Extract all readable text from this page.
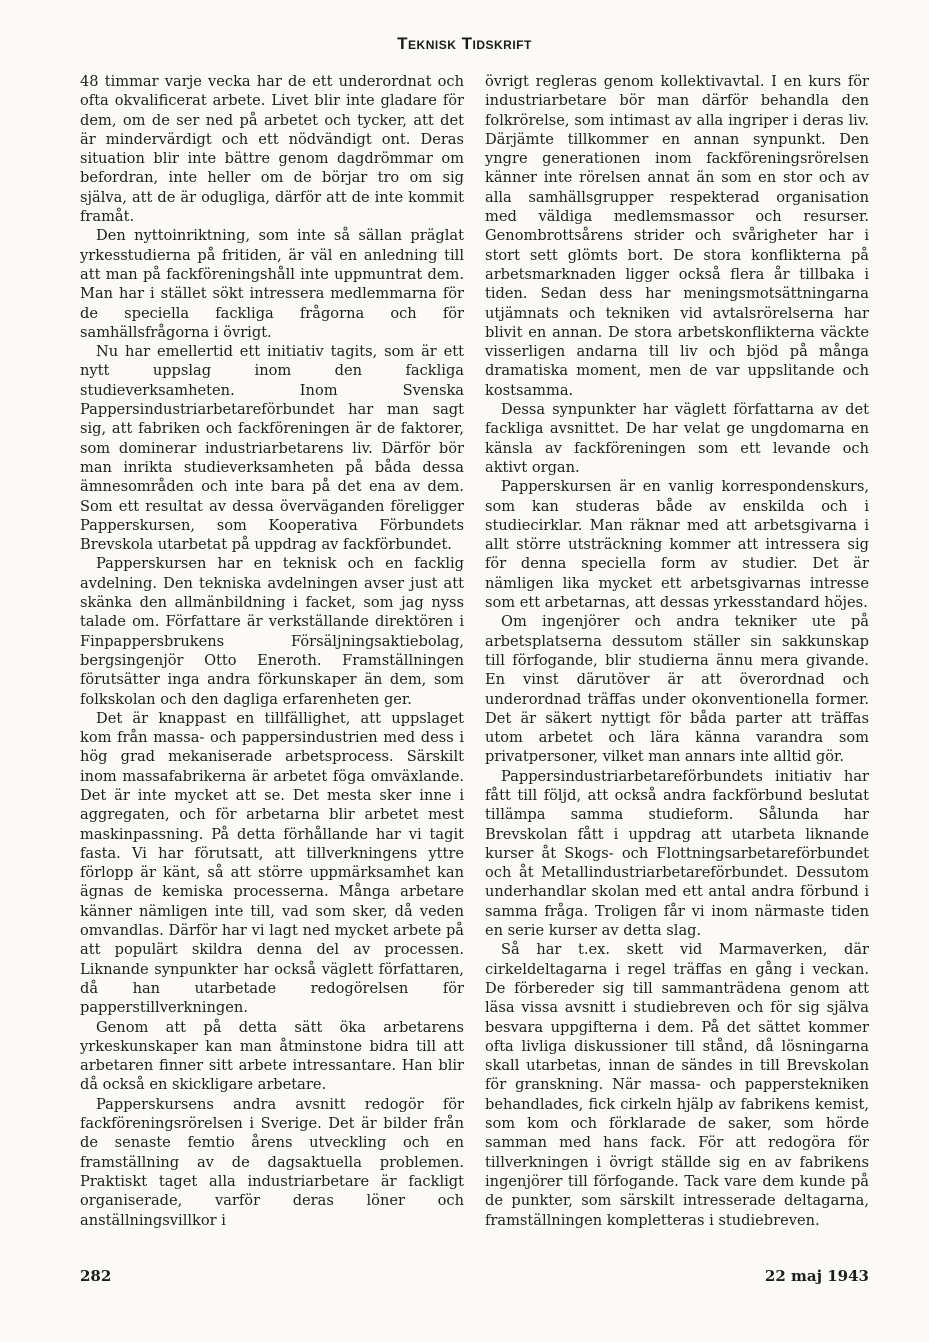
Teknisk Tidskrift

48 timmar varje vecka har de ett underordnat och ofta okvalificerat arbete. Livet blir inte gladare för dem, om de ser ned på arbetet och tycker, att det är mindervärdigt och ett nödvändigt ont. Deras situation blir inte bättre genom dagdrömmar om befordran, inte heller om de börjar tro om sig själva, att de är odugliga, därför att de inte kommit framåt.

Den nyttoinriktning, som inte så sällan präglat yrkesstudierna på fritiden, är väl en anledning till att man på fackföreningshåll inte uppmuntrat dem. Man har i stället sökt intressera medlemmarna för de speciella fackliga frågorna och för samhällsfrågorna i övrigt.

Nu har emellertid ett initiativ tagits, som är ett nytt uppslag inom den fackliga studieverksamheten. Inom Svenska Pappersindustriarbetareförbundet har man sagt sig, att fabriken och fackföreningen är de faktorer, som dominerar industriarbetarens liv. Därför bör man inrikta studieverksamheten på båda dessa ämnesområden och inte bara på det ena av dem. Som ett resultat av dessa överväganden föreligger Papperskursen, som Kooperativa Förbundets Brevskola utarbetat på uppdrag av fackförbundet.

Papperskursen har en teknisk och en facklig avdelning. Den tekniska avdelningen avser just att skänka den allmänbildning i facket, som jag nyss talade om. Författare är verkställande direktören i Finpappersbrukens Försäljningsaktiebolag, bergsingenjör Otto Eneroth. Framställningen förutsätter inga andra förkunskaper än dem, som folkskolan och den dagliga erfarenheten ger.

Det är knappast en tillfällighet, att uppslaget kom från massa- och pappersindustrien med dess i hög grad mekaniserade arbetsprocess. Särskilt inom massafabrikerna är arbetet föga omväxlande. Det är inte mycket att se. Det mesta sker inne i aggregaten, och för arbetarna blir arbetet mest maskinpassning. På detta förhållande har vi tagit fasta. Vi har förutsatt, att tillverkningens yttre förlopp är känt, så att större uppmärksamhet kan ägnas de kemiska processerna. Många arbetare känner nämligen inte till, vad som sker, då veden omvandlas. Därför har vi lagt ned mycket arbete på att populärt skildra denna del av processen. Liknande synpunkter har också väglett författaren, då han utarbetade redogörelsen för papperstillverkningen.

Genom att på detta sätt öka arbetarens yrkeskunskaper kan man åtminstone bidra till att arbetaren finner sitt arbete intressantare. Han blir då också en skickligare arbetare.

Papperskursens andra avsnitt redogör för fackföreningsrörelsen i Sverige. Det är bilder från de senaste femtio årens utveckling och en framställning av de dagsaktuella problemen. Praktiskt taget alla industriarbetare är fackligt organiserade, varför deras löner och anställningsvillkor i

övrigt regleras genom kollektivavtal. I en kurs för industriarbetare bör man därför behandla den folkrörelse, som intimast av alla ingriper i deras liv. Därjämte tillkommer en annan synpunkt. Den yngre generationen inom fackföreningsrörelsen känner inte rörelsen annat än som en stor och av alla samhällsgrupper respekterad organisation med väldiga medlemsmassor och resurser. Genombrottsårens strider och svårigheter har i stort sett glömts bort. De stora konflikterna på arbetsmarknaden ligger också flera år tillbaka i tiden. Sedan dess har meningsmotsättningarna utjämnats och tekniken vid avtalsrörelserna har blivit en annan. De stora arbetskonflikterna väckte visserligen andarna till liv och bjöd på många dramatiska moment, men de var uppslitande och kostsamma.

Dessa synpunkter har väglett författarna av det fackliga avsnittet. De har velat ge ungdomarna en känsla av fackföreningen som ett levande och aktivt organ.

Papperskursen är en vanlig korrespondenskurs, som kan studeras både av enskilda och i studiecirklar. Man räknar med att arbetsgivarna i allt större utsträckning kommer att intressera sig för denna speciella form av studier. Det är nämligen lika mycket ett arbetsgivarnas intresse som ett arbetarnas, att dessas yrkesstandard höjes.

Om ingenjörer och andra tekniker ute på arbetsplatserna dessutom ställer sin sakkunskap till förfogande, blir studierna ännu mera givande. En vinst därutöver är att överordnad och underordnad träffas under okonventionella former. Det är säkert nyttigt för båda parter att träffas utom arbetet och lära känna varandra som privatpersoner, vilket man annars inte alltid gör.

Pappersindustriarbetareförbundets initiativ har fått till följd, att också andra fackförbund beslutat tillämpa samma studieform. Sålunda har Brevskolan fått i uppdrag att utarbeta liknande kurser åt Skogs- och Flottningsarbetareförbundet och åt Metallindustriarbetareförbundet. Dessutom underhandlar skolan med ett antal andra förbund i samma fråga. Troligen får vi inom närmaste tiden en serie kurser av detta slag.

Så har t.ex. skett vid Marmaverken, där cirkeldeltagarna i regel träffas en gång i veckan. De förbereder sig till sammanträdena genom att läsa vissa avsnitt i studiebreven och för sig själva besvara uppgifterna i dem. På det sättet kommer ofta livliga diskussioner till stånd, då lösningarna skall utarbetas, innan de sändes in till Brevskolan för granskning. När massa- och papperstekniken behandlades, fick cirkeln hjälp av fabrikens kemist, som kom och förklarade de saker, som hörde samman med hans fack. För att redogöra för tillverkningen i övrigt ställde sig en av fabrikens ingenjörer till förfogande. Tack vare dem kunde på de punkter, som särskilt intresserade deltagarna, framställningen kompletteras i studiebreven.

282	22 maj 1943
